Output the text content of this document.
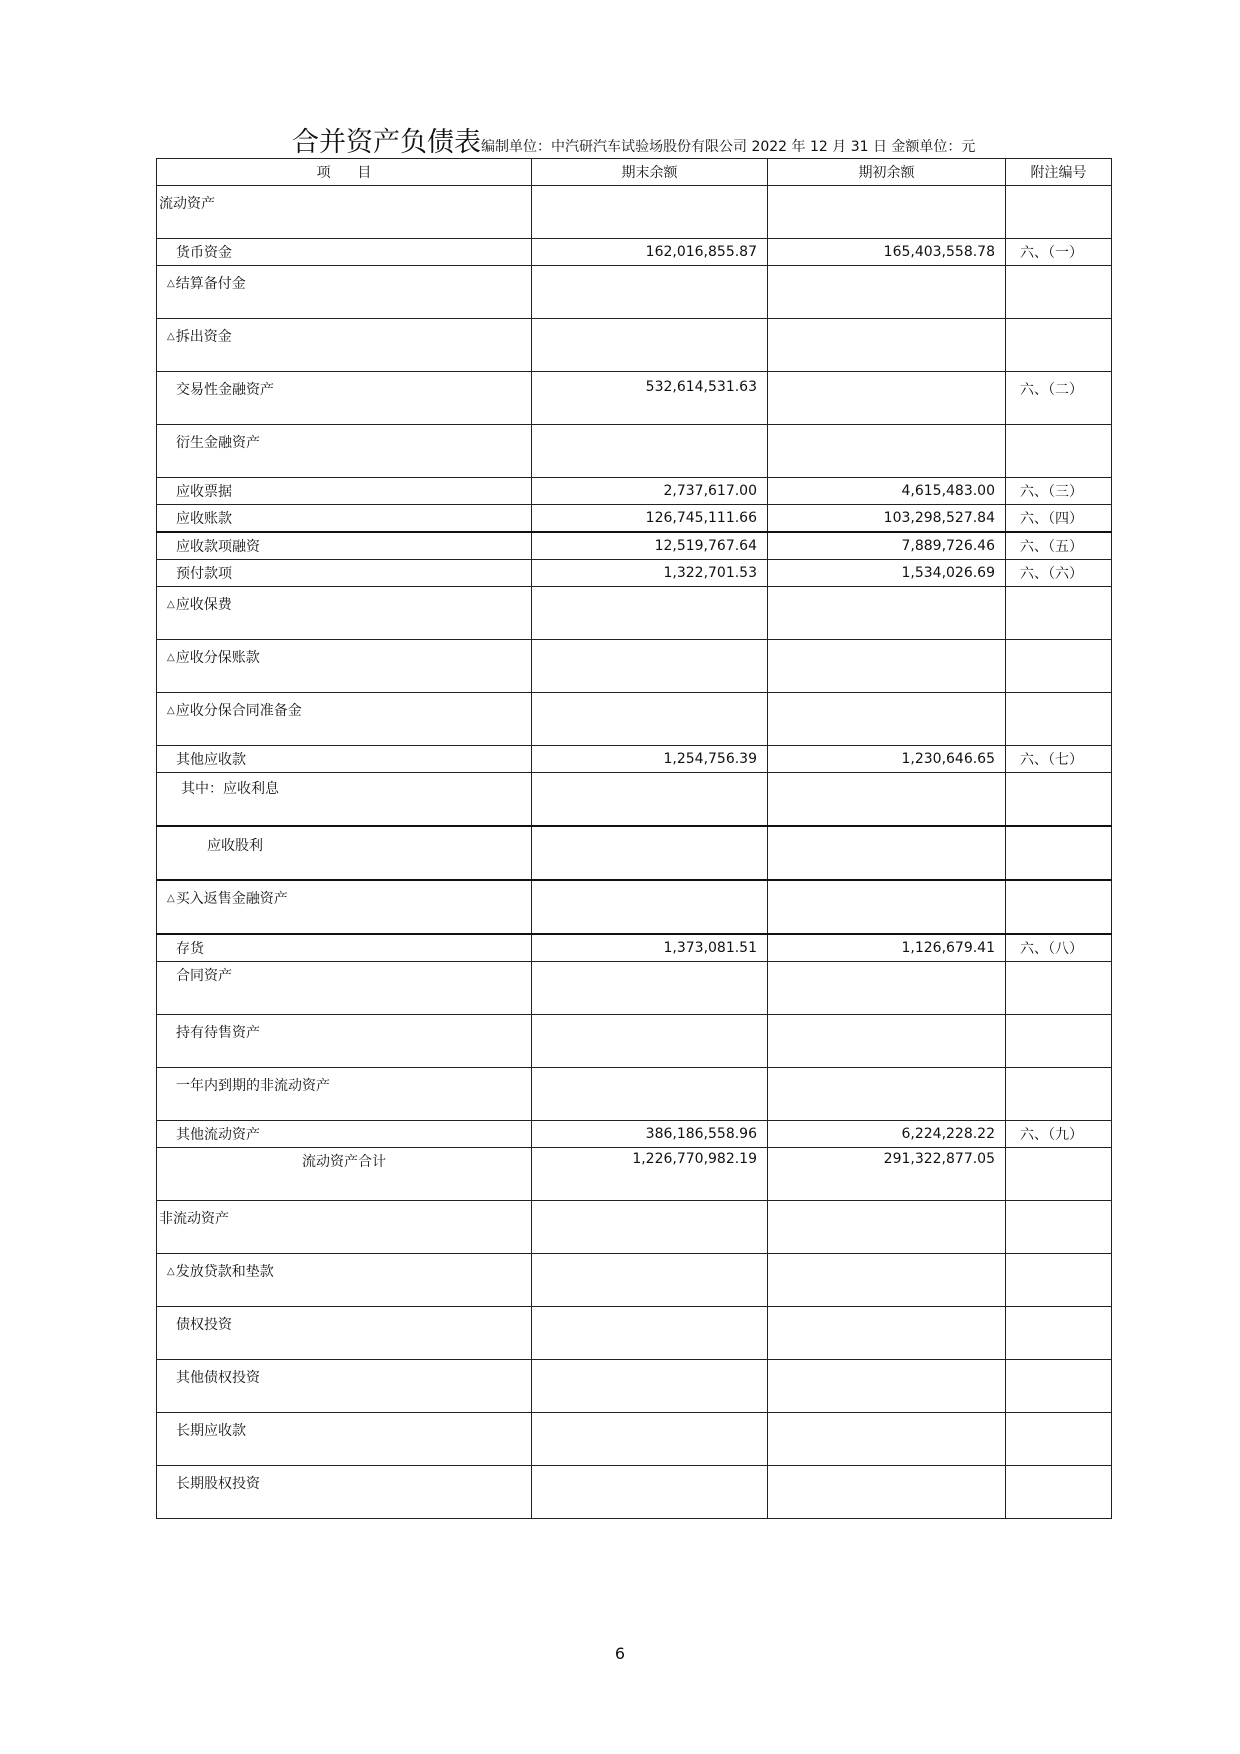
合并资产负债表编制单位：中汽研汽车试验场股份有限公司 2022 年 12 月 31 日 金额单位：元
项      目	期末余额	期初余额	附注编号

流动资产			

货币资金	162,016,855.87	165,403,558.78	六、（一）

△结算备付金			

△拆出资金			

交易性金融资产	532,614,531.63		六、（二）

衍生金融资产			

应收票据	2,737,617.00	4,615,483.00	六、（三）

应收账款	126,745,111.66	103,298,527.84	六、（四）

应收款项融资	12,519,767.64	7,889,726.46	六、（五）

预付款项	1,322,701.53	1,534,026.69	六、（六）

△应收保费			

△应收分保账款			

△应收分保合同准备金			

其他应收款	1,254,756.39	1,230,646.65	六、（七）

其中：应收利息			

应收股利			

△买入返售金融资产			

存货	1,373,081.51	1,126,679.41	六、（八）

合同资产			

持有待售资产			

一年内到期的非流动资产			

其他流动资产	386,186,558.96	6,224,228.22	六、（九）

流动资产合计	1,226,770,982.19	291,322,877.05	

非流动资产			

△发放贷款和垫款			

债权投资			

其他债权投资			

长期应收款			

长期股权投资			

6
